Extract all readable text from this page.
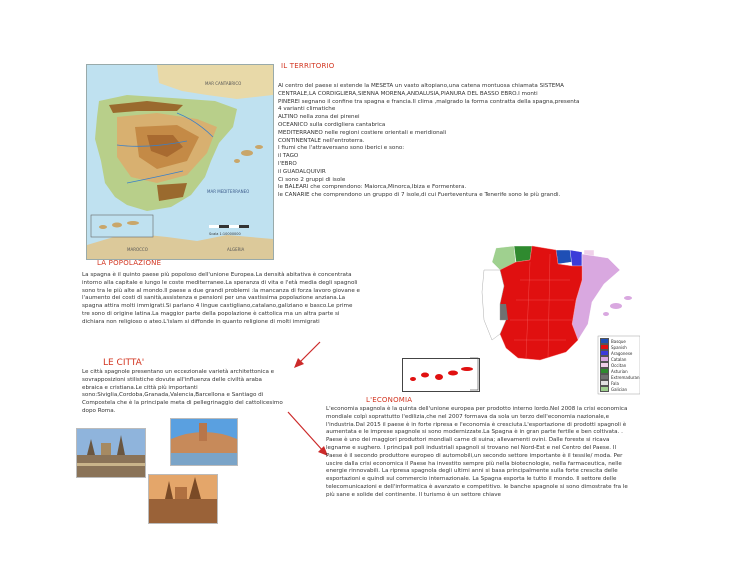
MAR CANTABRICO
MAR MEDITERRANEO
MAROCCO	ALGERIA
Scala 1:10000000
IL TERRITORIO
Al centro del paese si estende la MESETA un vasto altopiano,una catena montuosa chiamata SISTEMA
CENTRALE,LA CORDIGLIERA,SIENNA MORENA,ANDALUSIA,PIANURA DEL BASSO EBRO.I monti
PINEREI segnano il confine tra spagna e francia.Il clima ,malgrado la forma contratta della spagna,presenta
4 varianti climatiche
ALTINO nella zona dei pirenei
OCEANICO sulla cordigliera cantabrica
MEDITERRANEO nelle regioni costiere orientali e meridionali
CONTINENTALE nell'entroterra.
I fiumi che l'attraversano sono iberici e sono:
il TAGO
l'EBRO
il GUADALQUIVIR
Ci sono 2 gruppi di isole
le BALEARI che comprendono: Maiorca,Minorca,Ibiza e Formentera.
le CANARIE che comprendono un gruppo di 7 isole,di cui Fuerteventura e Tenerife sono le più grandi.
LA POPOLAZIONE
La spagna è il quinto paese più popoloso dell'unione Europea.La densità abitativa è concentrata
intorno alla capitale e lungo le coste mediterranee.La speranza di vita e l'età media degli spagnoli
sono tra le più alte al mondo.Il paese a due grandi problemi :la mancanza di forza lavoro giovane e
l'aumento dei costi di sanità,assistenza e pensioni per una vastissima popolazione anziana.La
spagna attira molti immigrati.Si parlano 4 lingue castigliano,catalano,galiziano e basco.Le prime
tre sono di origine latina.La maggior parte della popolazione è cattolica ma un altra parte si
dichiara non religioso o ateo.L'islam si diffonde in quanto religione di molti immigrati
Basque
Spanish
Aragonese
Catalan
Occitan
Asturian
Extremaduran
Fala
Galician
LE CITTA'
Le città spagnole presentano un eccezionale varietà architettonica e
sovrapposizioni stilistiche dovute all'influenza delle civiltà araba
ebraica e cristiana.Le città più importanti
sono:Siviglia,Cordoba,Granada,Valencia,Barcellona e Santiago di
Compostela che è la principale meta di pellegrinaggio del cattolicesimo
dopo Roma.
L'ECONOMIA
L'economia spagnola è la quinta dell'unione europea per prodotto interno lordo.Nel 2008 la crisi economica
mondiale colpì soprattutto l'edilizia,che nel 2007 formava da sola un terzo dell'economia nazionale,e
l'industria.Dal 2015 il paese è in forte ripresa e l'economia è cresciuta.L'esportazione di prodotti spagnoli è
aumentata e le imprese spagnole si sono modernizzate.La Spagna è in gran parte fertile e ben coltivata. .
Paese è uno dei maggiori produttori mondiali carne di suina; allevamenti ovini. Dalle foreste si ricava
legname e sughero. I principali poli industriali spagnoli si trovano nel Nord-Est e nel Centro del Paese. Il
Paese è il secondo produttore europeo di automobili,un secondo settore importante è il tessile/ moda. Per
uscire dalla crisi economica il Paese ha investito sempre più nella biotecnologie, nella farmaceutica, nelle
energie rinnovabili. La ripresa spagnola degli ultimi anni si basa principalmente sulla forte crescita delle
esportazioni e quindi sul commercio internazionale. La Spagna esporta le tutto il mondo. Il settore delle
telecomunicazioni e dell'informatica è avanzato e competitivo. le banche spagnole si sono dimostrate fra le
più sane e solide del continente. Il turismo è un settore chiave
